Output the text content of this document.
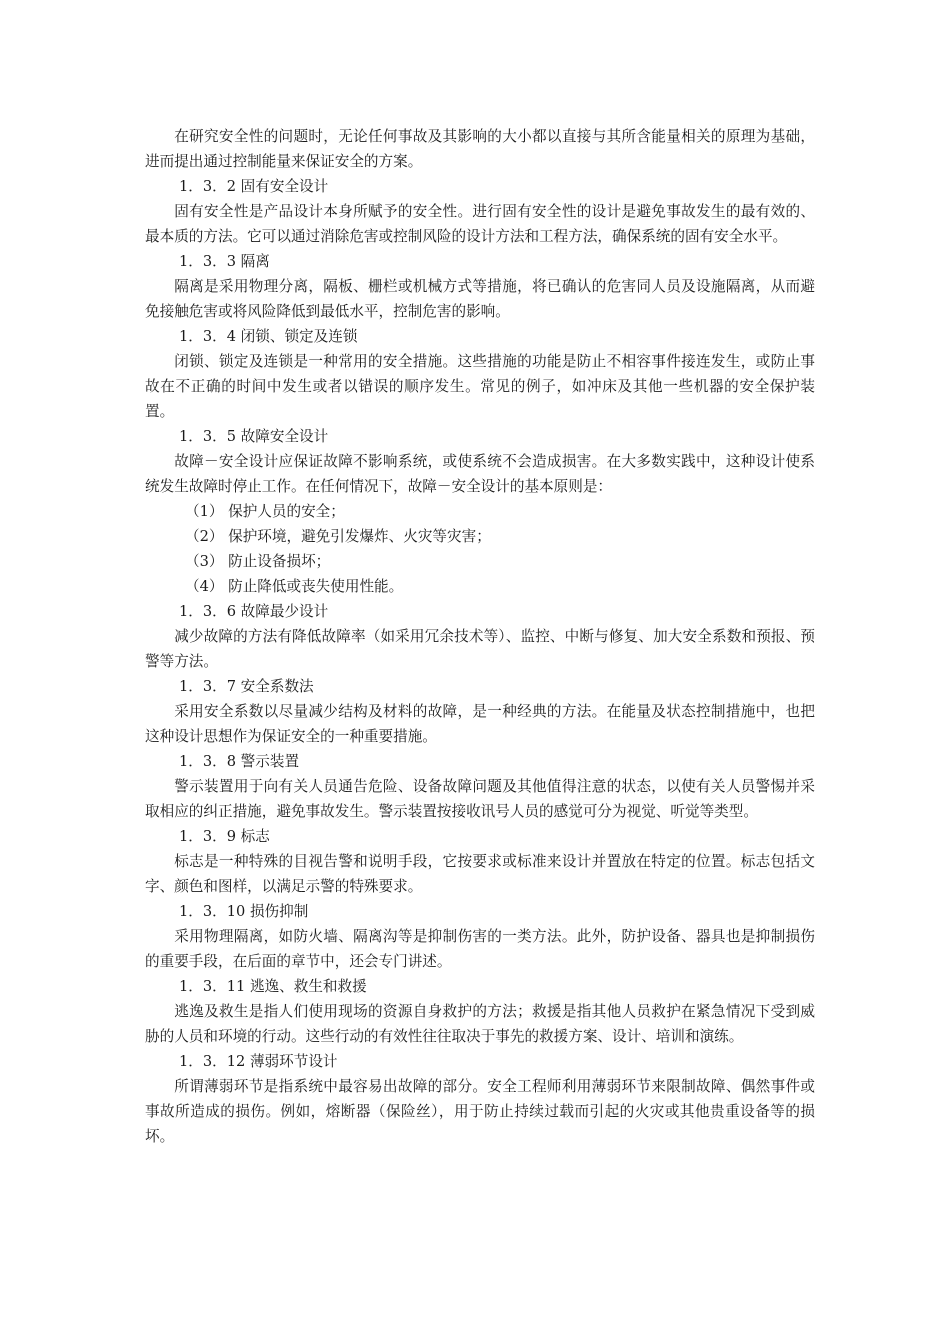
在研究安全性的问题时，无论任何事故及其影响的大小都以直接与其所含能量相关的原理为基础，进而提出通过控制能量来保证安全的方案。

1．3．2 固有安全设计

固有安全性是产品设计本身所赋予的安全性。进行固有安全性的设计是避免事故发生的最有效的、最本质的方法。它可以通过消除危害或控制风险的设计方法和工程方法，确保系统的固有安全水平。

1．3．3 隔离

隔离是采用物理分离，隔板、栅栏或机械方式等措施，将已确认的危害同人员及设施隔离，从而避免接触危害或将风险降低到最低水平，控制危害的影响。

1．3．4 闭锁、锁定及连锁

闭锁、锁定及连锁是一种常用的安全措施。这些措施的功能是防止不相容事件接连发生，或防止事故在不正确的时间中发生或者以错误的顺序发生。常见的例子，如冲床及其他一些机器的安全保护装置。

1．3．5 故障安全设计

故障－安全设计应保证故障不影响系统，或使系统不会造成损害。在大多数实践中，这种设计使系统发生故障时停止工作。在任何情况下，故障－安全设计的基本原则是：

（1） 保护人员的安全；

（2） 保护环境，避免引发爆炸、火灾等灾害；

（3） 防止设备损坏；

（4） 防止降低或丧失使用性能。

1．3．6 故障最少设计

减少故障的方法有降低故障率（如采用冗余技术等）、监控、中断与修复、加大安全系数和预报、预警等方法。

1．3．7 安全系数法

采用安全系数以尽量减少结构及材料的故障，是一种经典的方法。在能量及状态控制措施中，也把这种设计思想作为保证安全的一种重要措施。

1．3．8 警示装置

警示装置用于向有关人员通告危险、设备故障问题及其他值得注意的状态，以使有关人员警惕并采取相应的纠正措施，避免事故发生。警示装置按接收讯号人员的感觉可分为视觉、听觉等类型。

1．3．9 标志

标志是一种特殊的目视告警和说明手段，它按要求或标准来设计并置放在特定的位置。标志包括文字、颜色和图样，以满足示警的特殊要求。

1．3．10 损伤抑制

采用物理隔离，如防火墙、隔离沟等是抑制伤害的一类方法。此外，防护设备、器具也是抑制损伤的重要手段，在后面的章节中，还会专门讲述。

1．3．11 逃逸、救生和救援

逃逸及救生是指人们使用现场的资源自身救护的方法；救援是指其他人员救护在紧急情况下受到威胁的人员和环境的行动。这些行动的有效性往往取决于事先的救援方案、设计、培训和演练。

1．3．12 薄弱环节设计

所谓薄弱环节是指系统中最容易出故障的部分。安全工程师利用薄弱环节来限制故障、偶然事件或事故所造成的损伤。例如，熔断器（保险丝），用于防止持续过载而引起的火灾或其他贵重设备等的损坏。
